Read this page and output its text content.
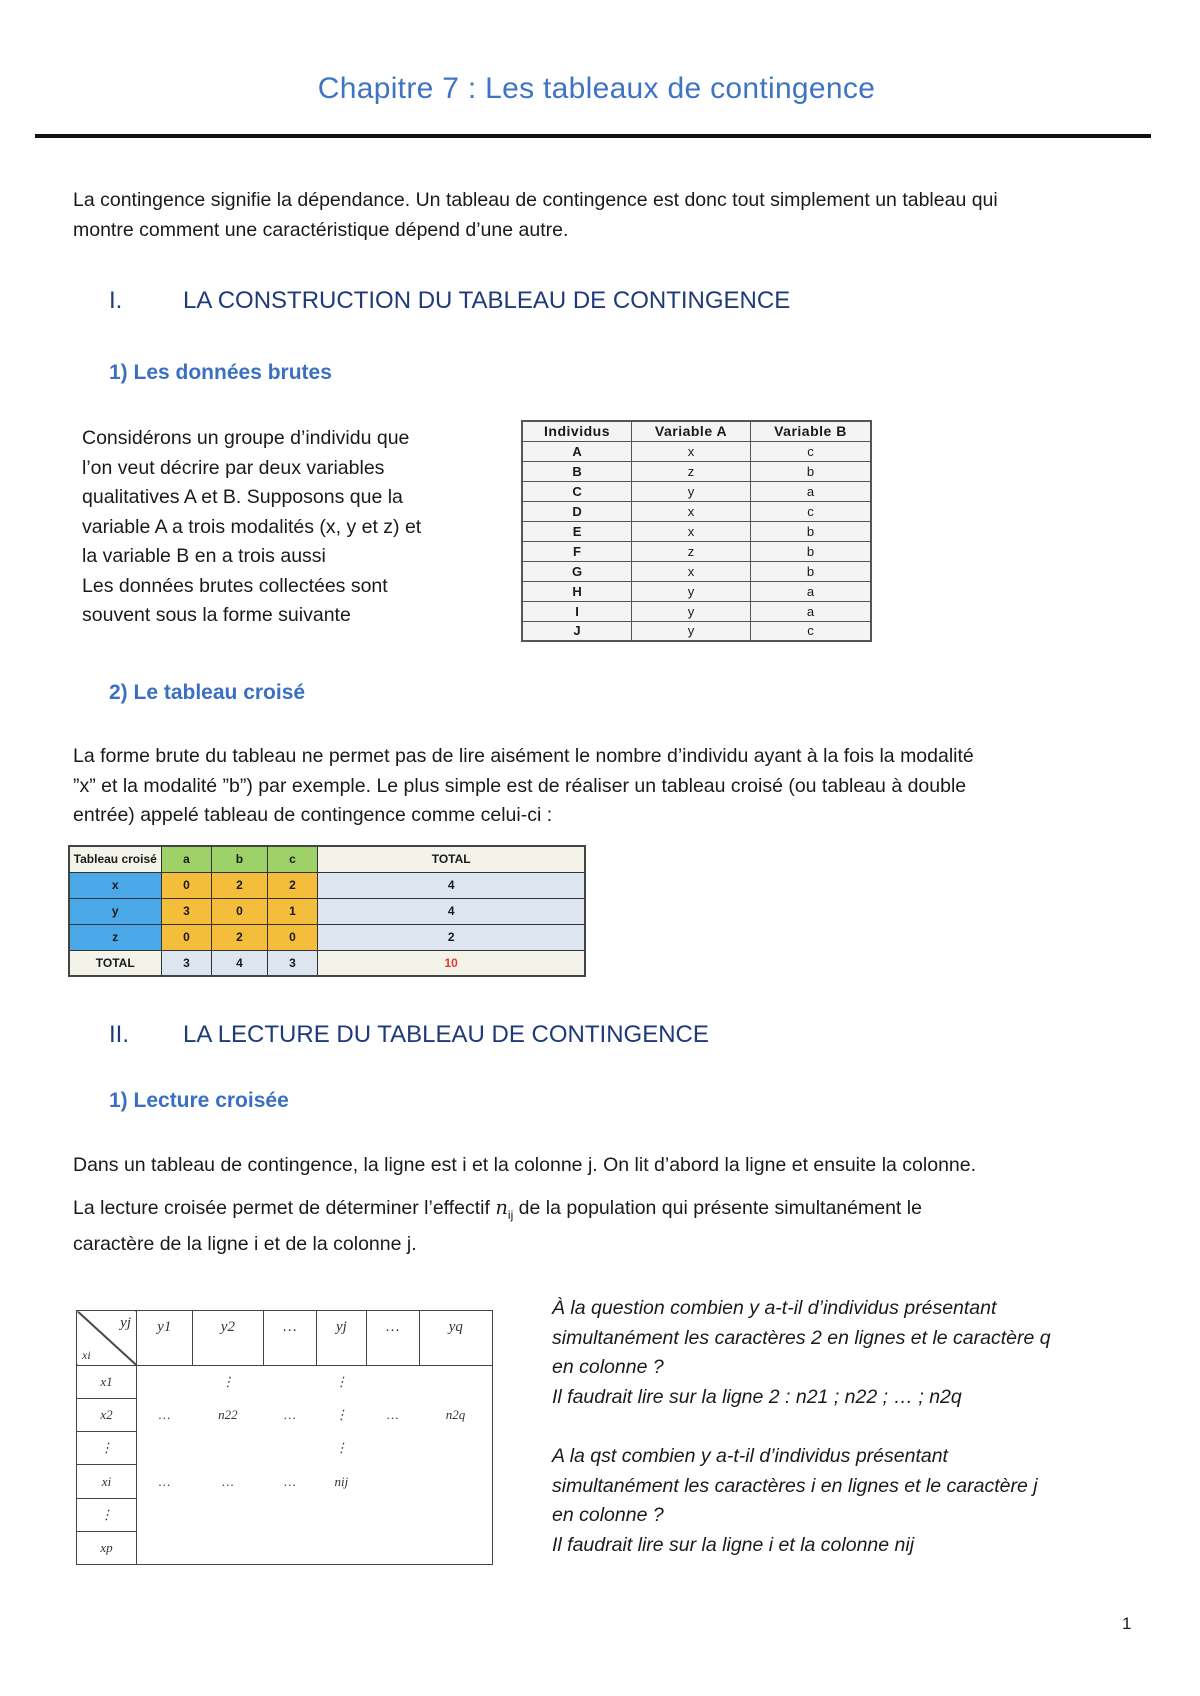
Chapitre 7 : Les tableaux de contingence
La contingence signifie la dépendance. Un tableau de contingence est donc tout simplement un tableau qui
montre comment une caractéristique dépend d’une autre.
I.	LA CONSTRUCTION DU TABLEAU DE CONTINGENCE
1) Les données brutes
Considérons un groupe d’individu que
l’on veut décrire par deux variables
qualitatives A et B. Supposons que la
variable A a trois modalités (x, y et z) et
la variable B en a trois aussi
Les données brutes collectées sont
souvent sous la forme suivante
Individus	Variable A	Variable B
A	x	c
B	z	b
C	y	a
D	x	c
E	x	b
F	z	b
G	x	b
H	y	a
I	y	a
J	y	c
2) Le tableau croisé
La forme brute du tableau ne permet pas de lire aisément le nombre d’individu ayant à la fois la modalité
”x” et la modalité ”b”) par exemple. Le plus simple est de réaliser un tableau croisé (ou tableau à double
entrée) appelé tableau de contingence comme celui-ci :
Tableau croisé	a	b	c	TOTAL
x	0	2	2	4
y	3	0	1	4
z	0	2	0	2
TOTAL	3	4	3	10
II. LA LECTURE DU TABLEAU DE CONTINGENCE
1) Lecture croisée
Dans un tableau de contingence, la ligne est i et la colonne j. On lit d’abord la ligne et ensuite la colonne.
La lecture croisée permet de déterminer l’effectif $n_{ij}$ de la population qui présente simultanément le
caractère de la ligne i et de la colonne j.
yj
xi	y1	y2	…	yj	…	yq
x1		⋮		⋮		
x2	…	n22	…	⋮	…	n2q
⋮				⋮		
xi	…	…	…	nij		
⋮						
xp						
À la question combien y a-t-il d’individus présentant
simultanément les caractères 2 en lignes et le caractère q
en colonne ?
Il faudrait lire sur la ligne 2 : n21 ; n22 ; … ; n2q
A la qst combien y a-t-il d’individus présentant
simultanément les caractères i en lignes et le caractère j
en colonne ?
Il faudrait lire sur la ligne i et la colonne nij
1
